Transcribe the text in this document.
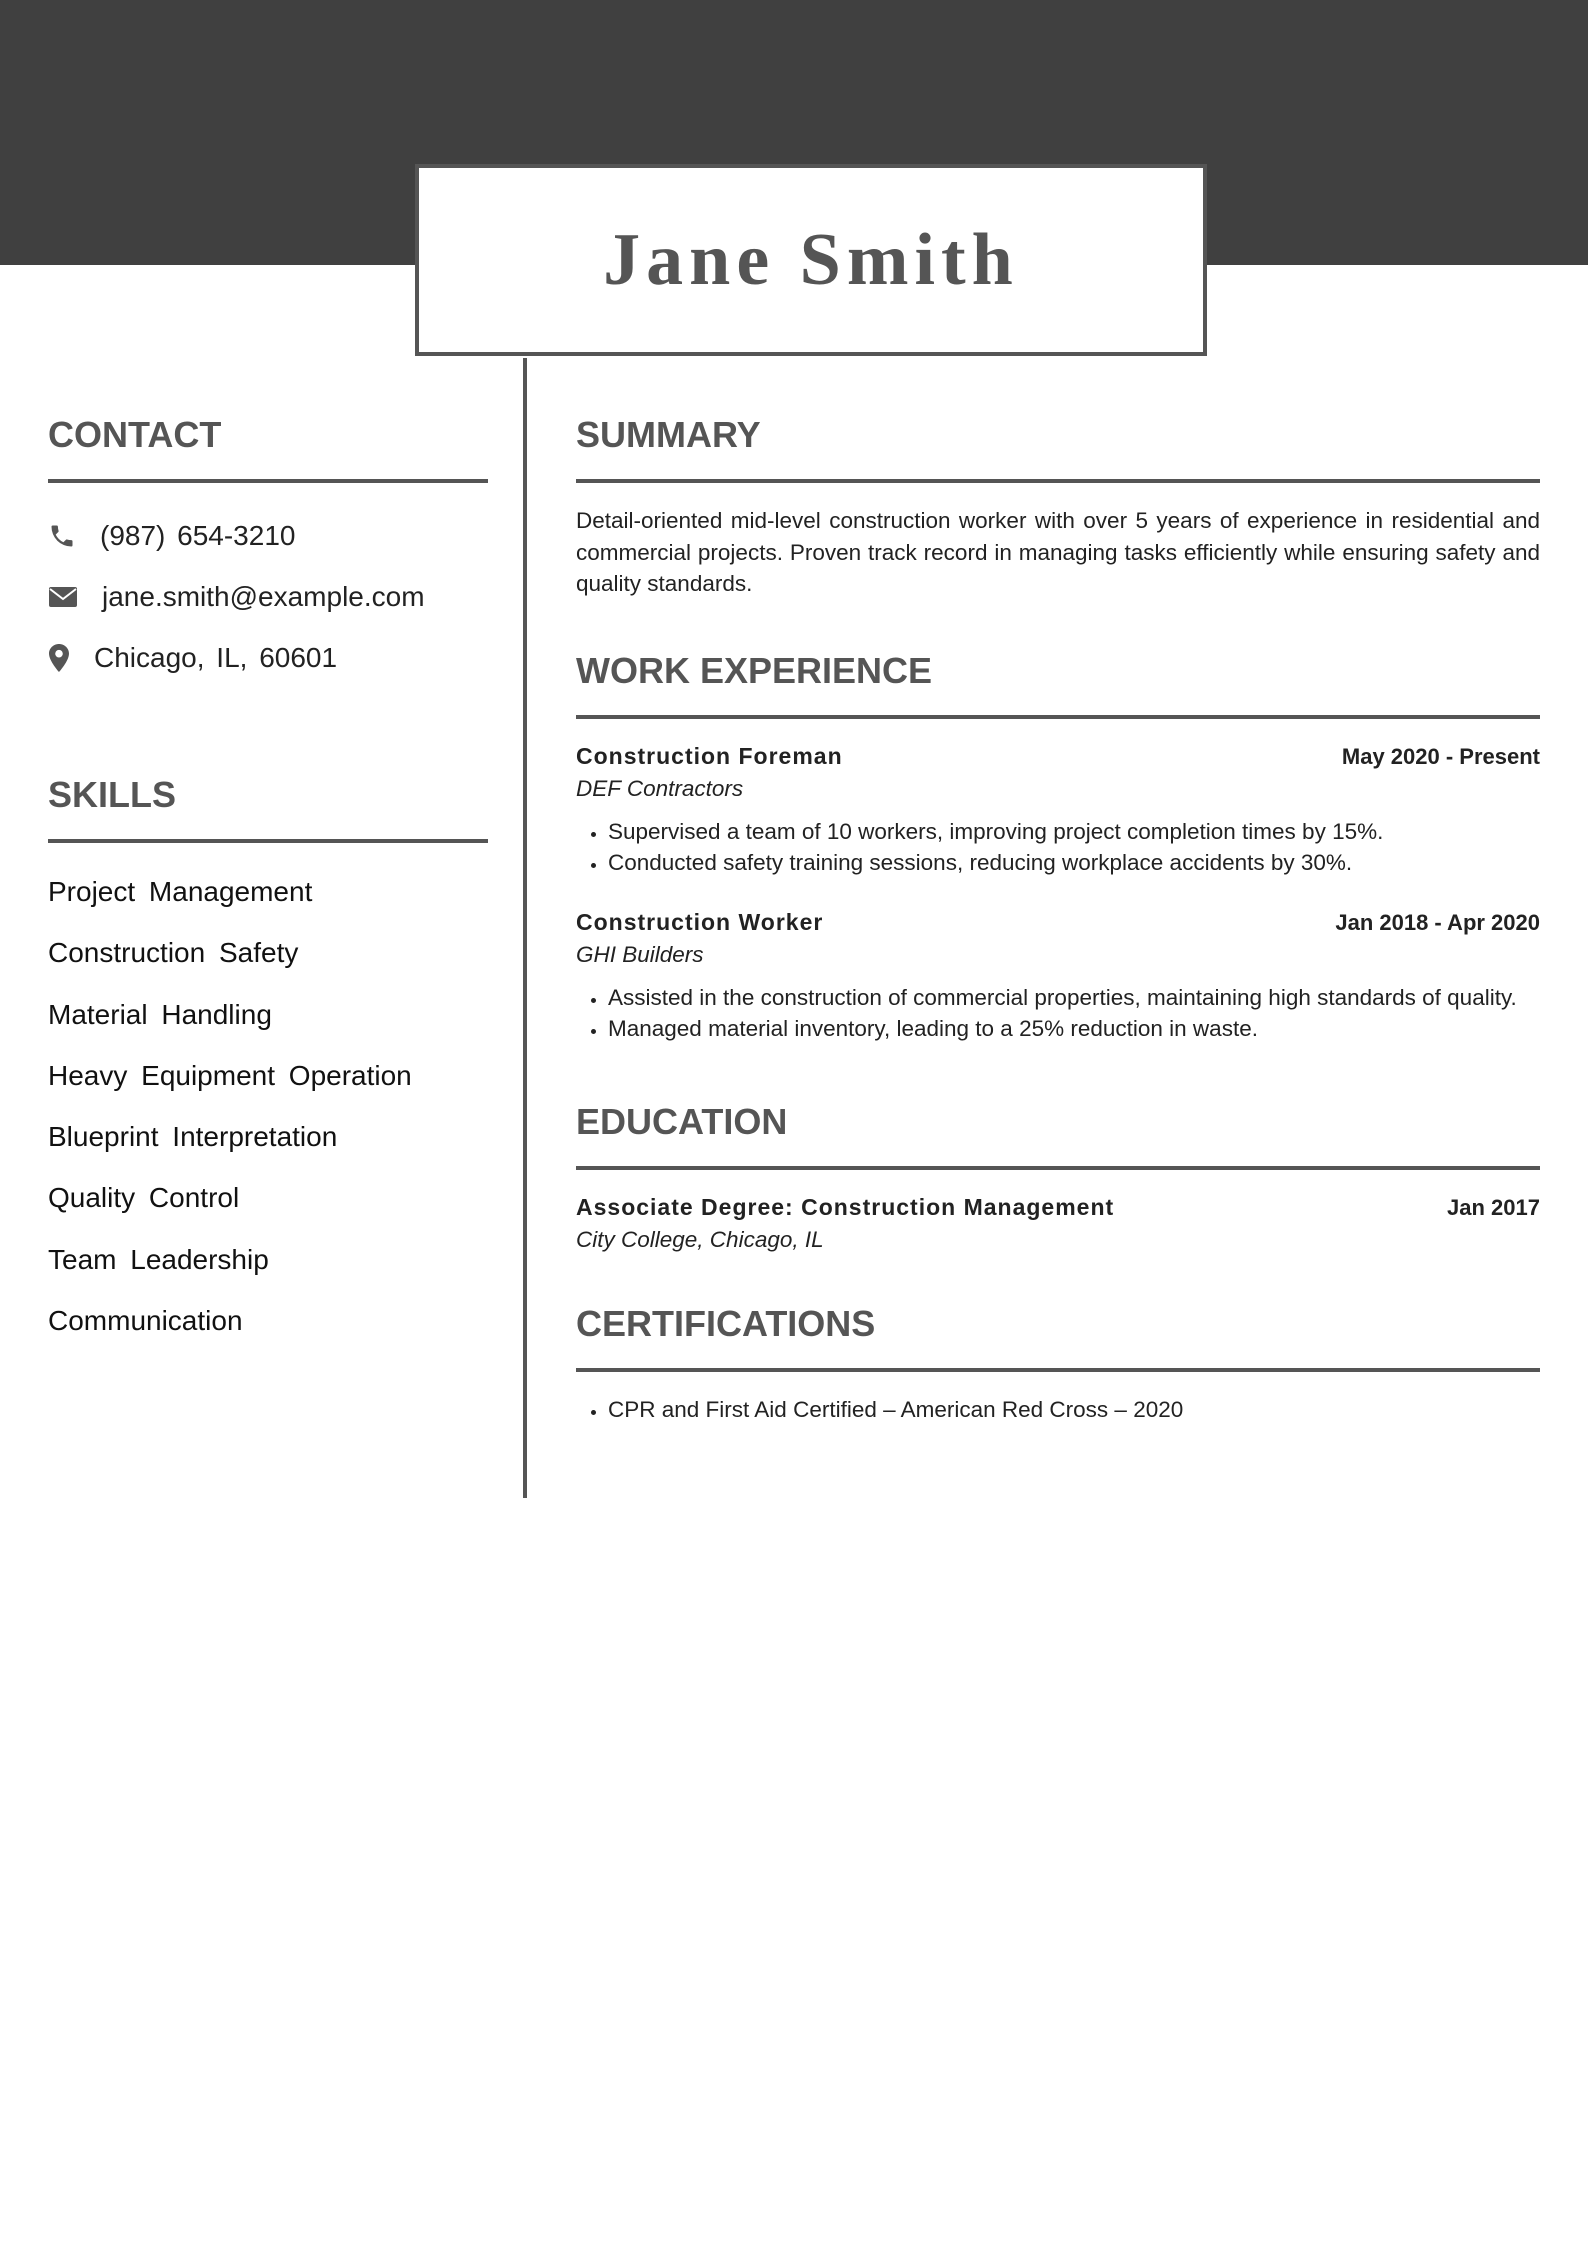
Jane Smith
CONTACT
(987) 654-3210
jane.smith@example.com
Chicago, IL, 60601
SKILLS
Project Management
Construction Safety
Material Handling
Heavy Equipment Operation
Blueprint Interpretation
Quality Control
Team Leadership
Communication
SUMMARY

Detail-oriented mid-level construction worker with over 5 years of experience in residential and commercial projects. Proven track record in managing tasks efficiently while ensuring safety and quality standards.

WORK EXPERIENCE
Construction Foreman	May 2020 - Present
DEF Contractors
• Supervised a team of 10 workers, improving project completion times by 15%.
• Conducted safety training sessions, reducing workplace accidents by 30%.
Construction Worker	Jan 2018 - Apr 2020
GHI Builders
• Assisted in the construction of commercial properties, maintaining high standards of quality.
• Managed material inventory, leading to a 25% reduction in waste.
EDUCATION
Associate Degree: Construction Management	Jan 2017
City College, Chicago, IL
CERTIFICATIONS
• CPR and First Aid Certified – American Red Cross – 2020
